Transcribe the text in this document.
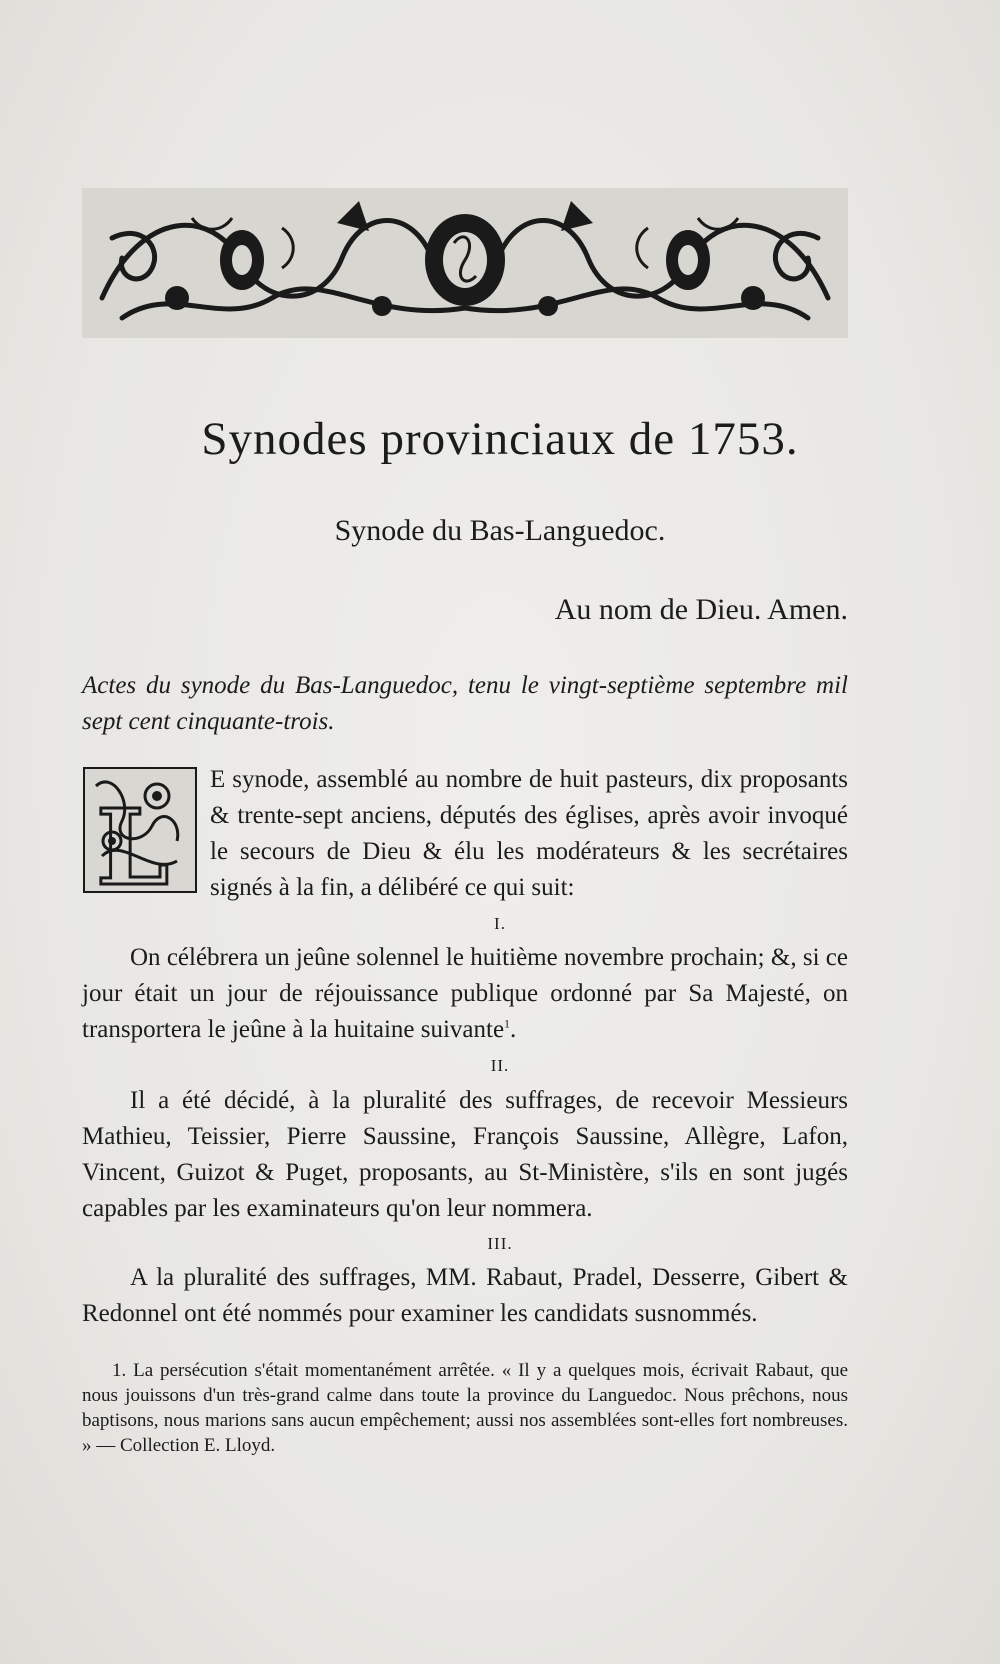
Synodes provinciaux de 1753.
Synode du Bas-Languedoc.

Au nom de Dieu. Amen.

Actes du synode du Bas-Languedoc, tenu le vingt-septième septembre mil sept cent cinquante-trois.

L
E synode, assemblé au nombre de huit pasteurs, dix proposants & trente-sept anciens, députés des églises, après avoir invoqué le secours de Dieu & élu les modérateurs & les secrétaires signés à la fin, a délibéré ce qui suit:

I.

On célébrera un jeûne solennel le huitième novembre prochain; &, si ce jour était un jour de réjouissance publique ordonné par Sa Majesté, on transportera le jeûne à la huitaine suivante$^1$.

II.

Il a été décidé, à la pluralité des suffrages, de recevoir Messieurs Mathieu, Teissier, Pierre Saussine, François Saussine, Allègre, Lafon, Vincent, Guizot & Puget, proposants, au St-Ministère, s'ils en sont jugés capables par les examinateurs qu'on leur nommera.

III.

A la pluralité des suffrages, MM. Rabaut, Pradel, Desserre, Gibert & Redonnel ont été nommés pour examiner les candidats susnommés.

1. La persécution s'était momentanément arrêtée. « Il y a quelques mois, écrivait Rabaut, que nous jouissons d'un très-grand calme dans toute la province du Languedoc. Nous prêchons, nous baptisons, nous marions sans aucun empêchement; aussi nos assemblées sont-elles fort nombreuses. » — Collection E. Lloyd.
